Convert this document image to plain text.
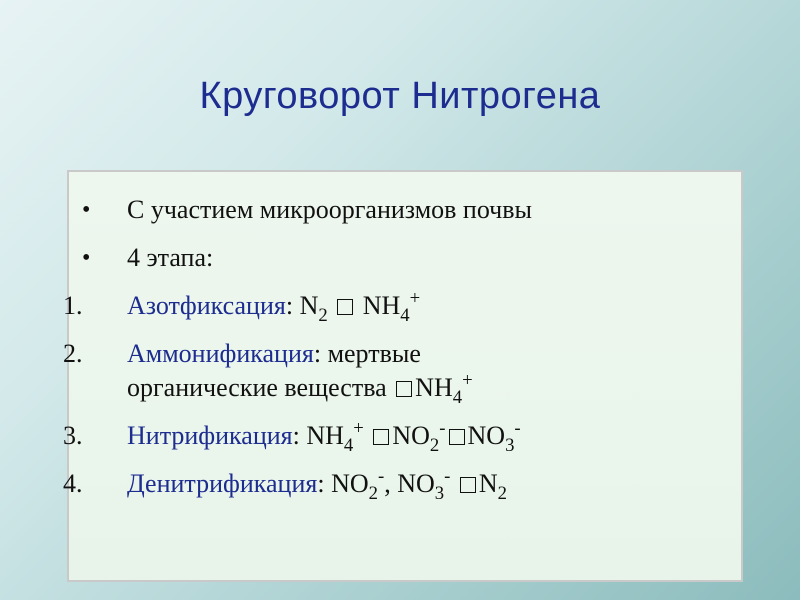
Круговорот Нитрогена
• С участием микроорганизмов почвы
• 4 этапа:
1. Азотфиксация: $N_2$ $NH_4^+$
2. Аммонификация: мертвые
органические вещества $NH_4^+$
3. Нитрификация: $NH_4^+$ $NO_2^-$ $NO_3^-$
4. Денитрификация: $NO_2^-$, $NO_3^-$ $N_2$
